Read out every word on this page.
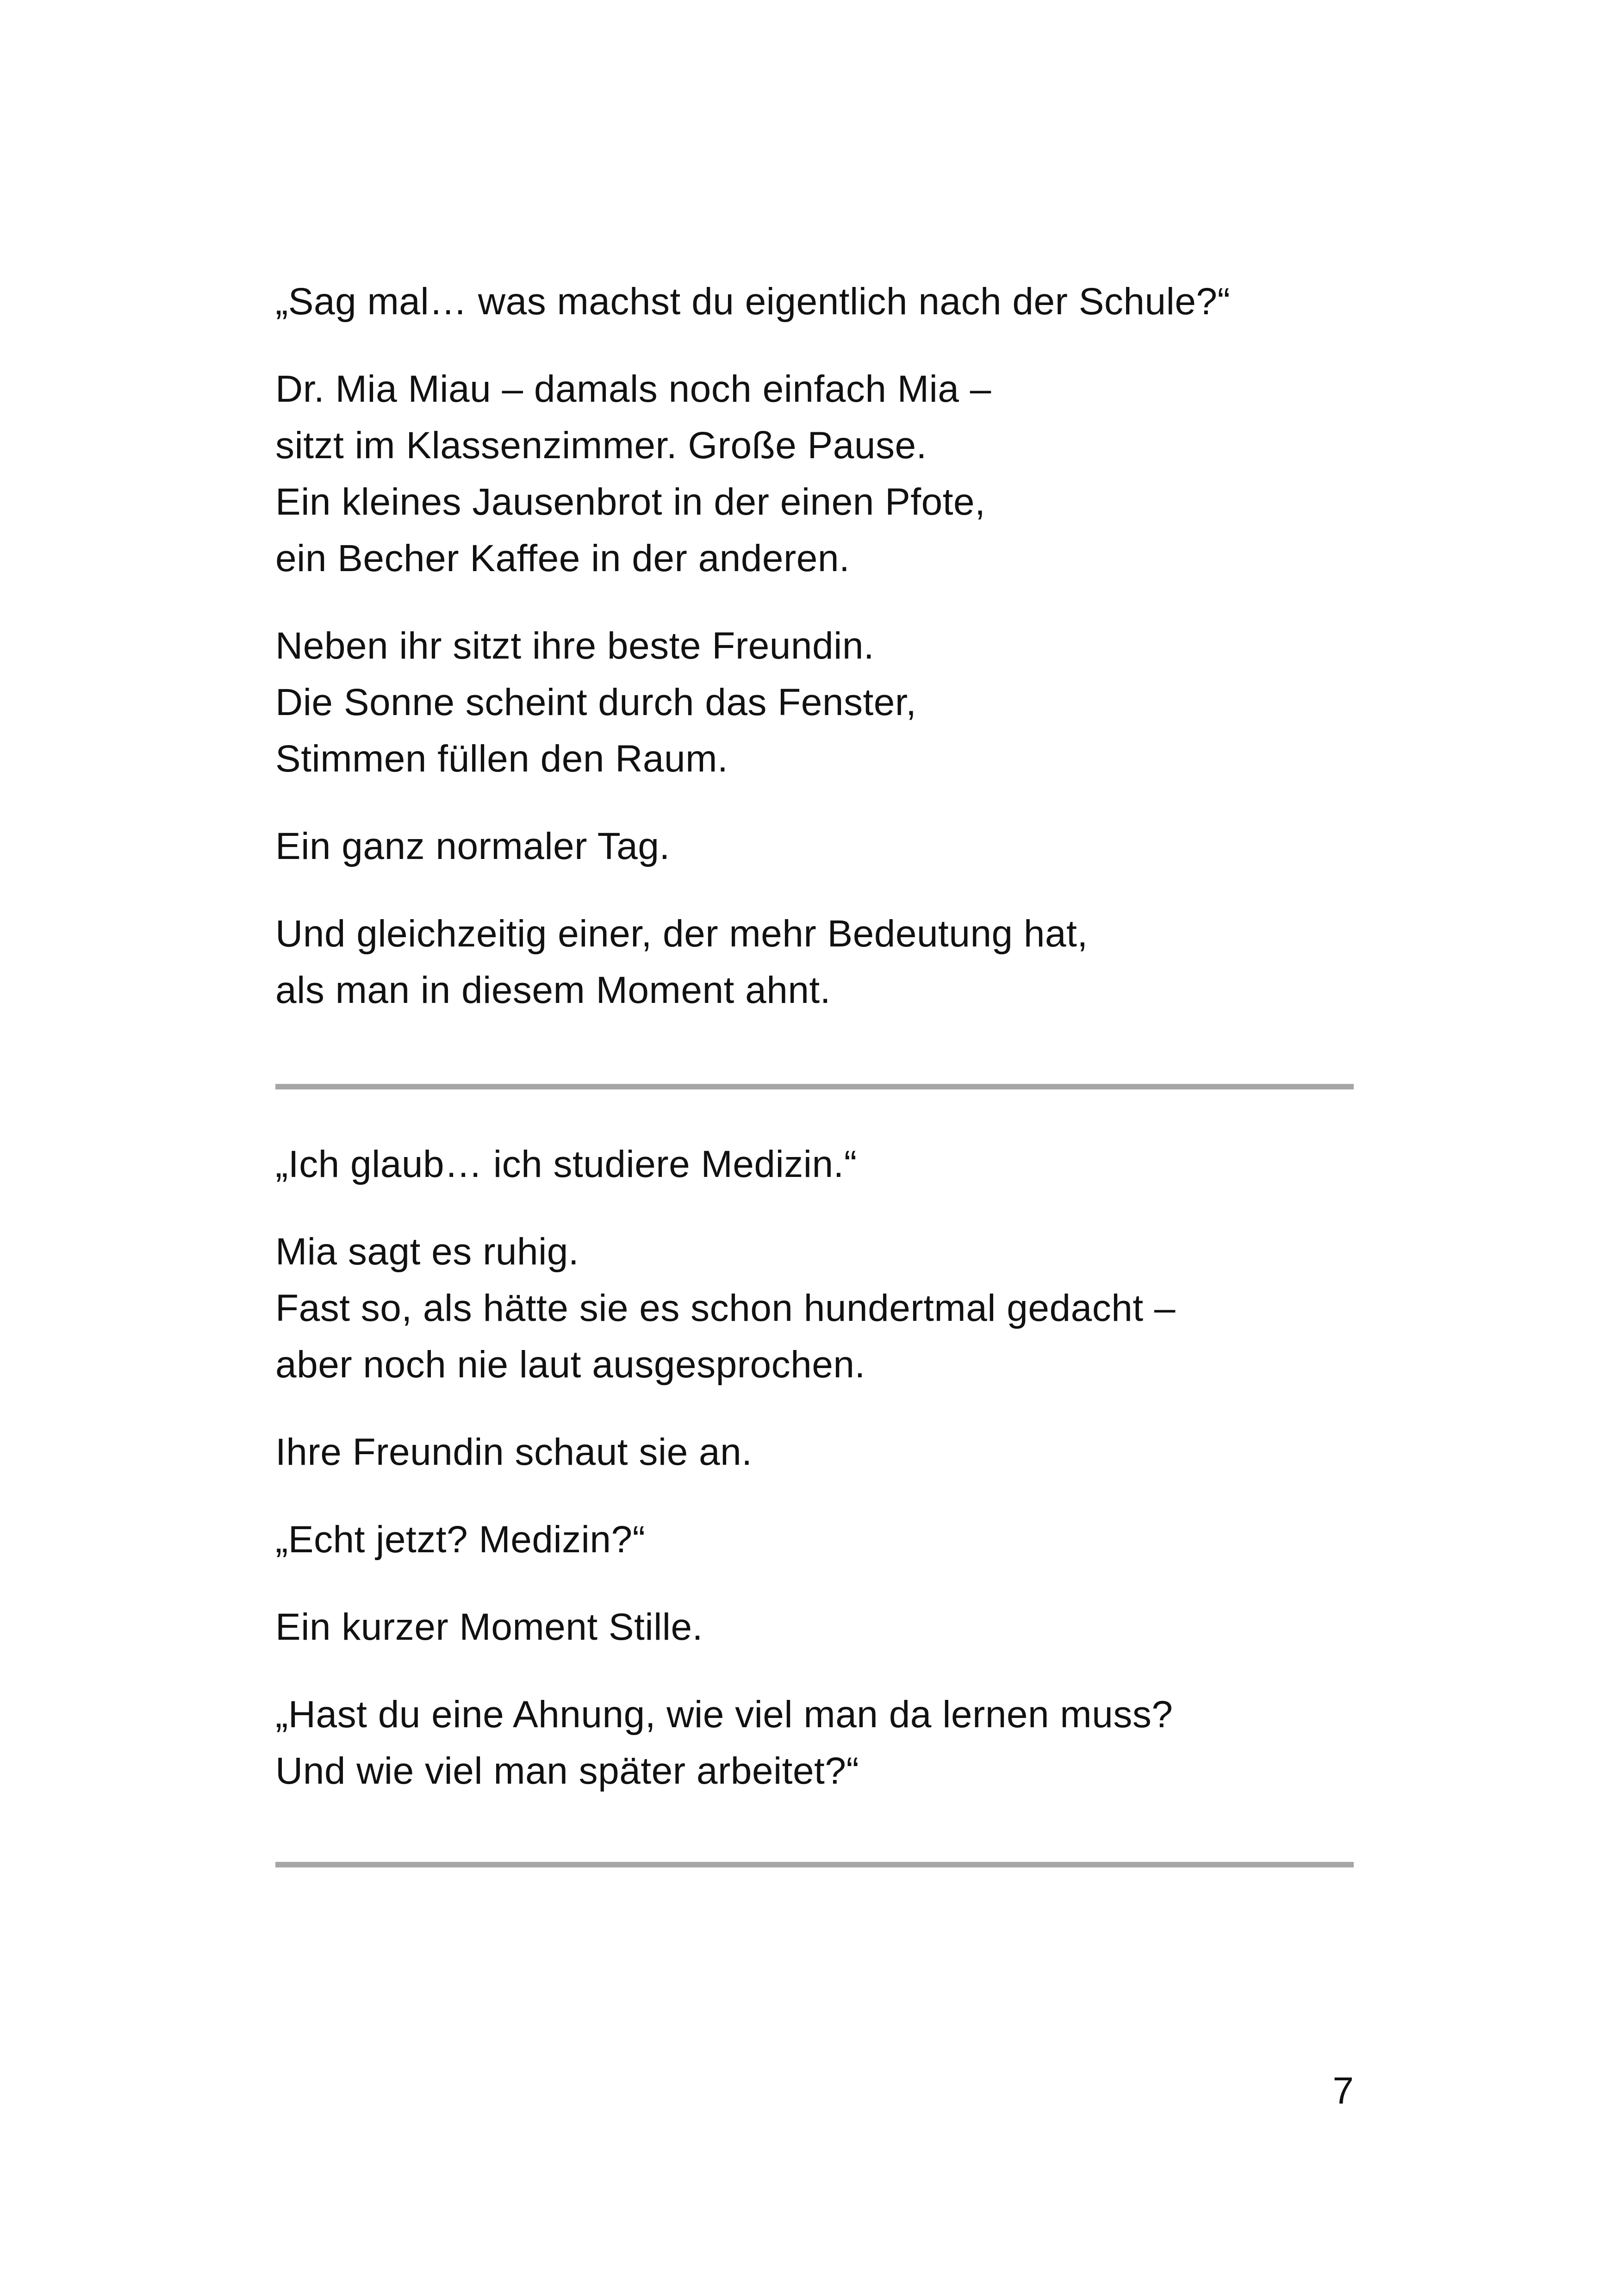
„Sag mal… was machst du eigentlich nach der Schule?“
Dr. Mia Miau – damals noch einfach Mia –
sitzt im Klassenzimmer. Große Pause.
Ein kleines Jausenbrot in der einen Pfote,
ein Becher Kaffee in der anderen.
Neben ihr sitzt ihre beste Freundin.
Die Sonne scheint durch das Fenster,
Stimmen füllen den Raum.
Ein ganz normaler Tag.
Und gleichzeitig einer, der mehr Bedeutung hat,
als man in diesem Moment ahnt.
„Ich glaub… ich studiere Medizin.“
Mia sagt es ruhig.
Fast so, als hätte sie es schon hundertmal gedacht –
aber noch nie laut ausgesprochen.
Ihre Freundin schaut sie an.
„Echt jetzt? Medizin?“
Ein kurzer Moment Stille.
„Hast du eine Ahnung, wie viel man da lernen muss?
Und wie viel man später arbeitet?“
7
